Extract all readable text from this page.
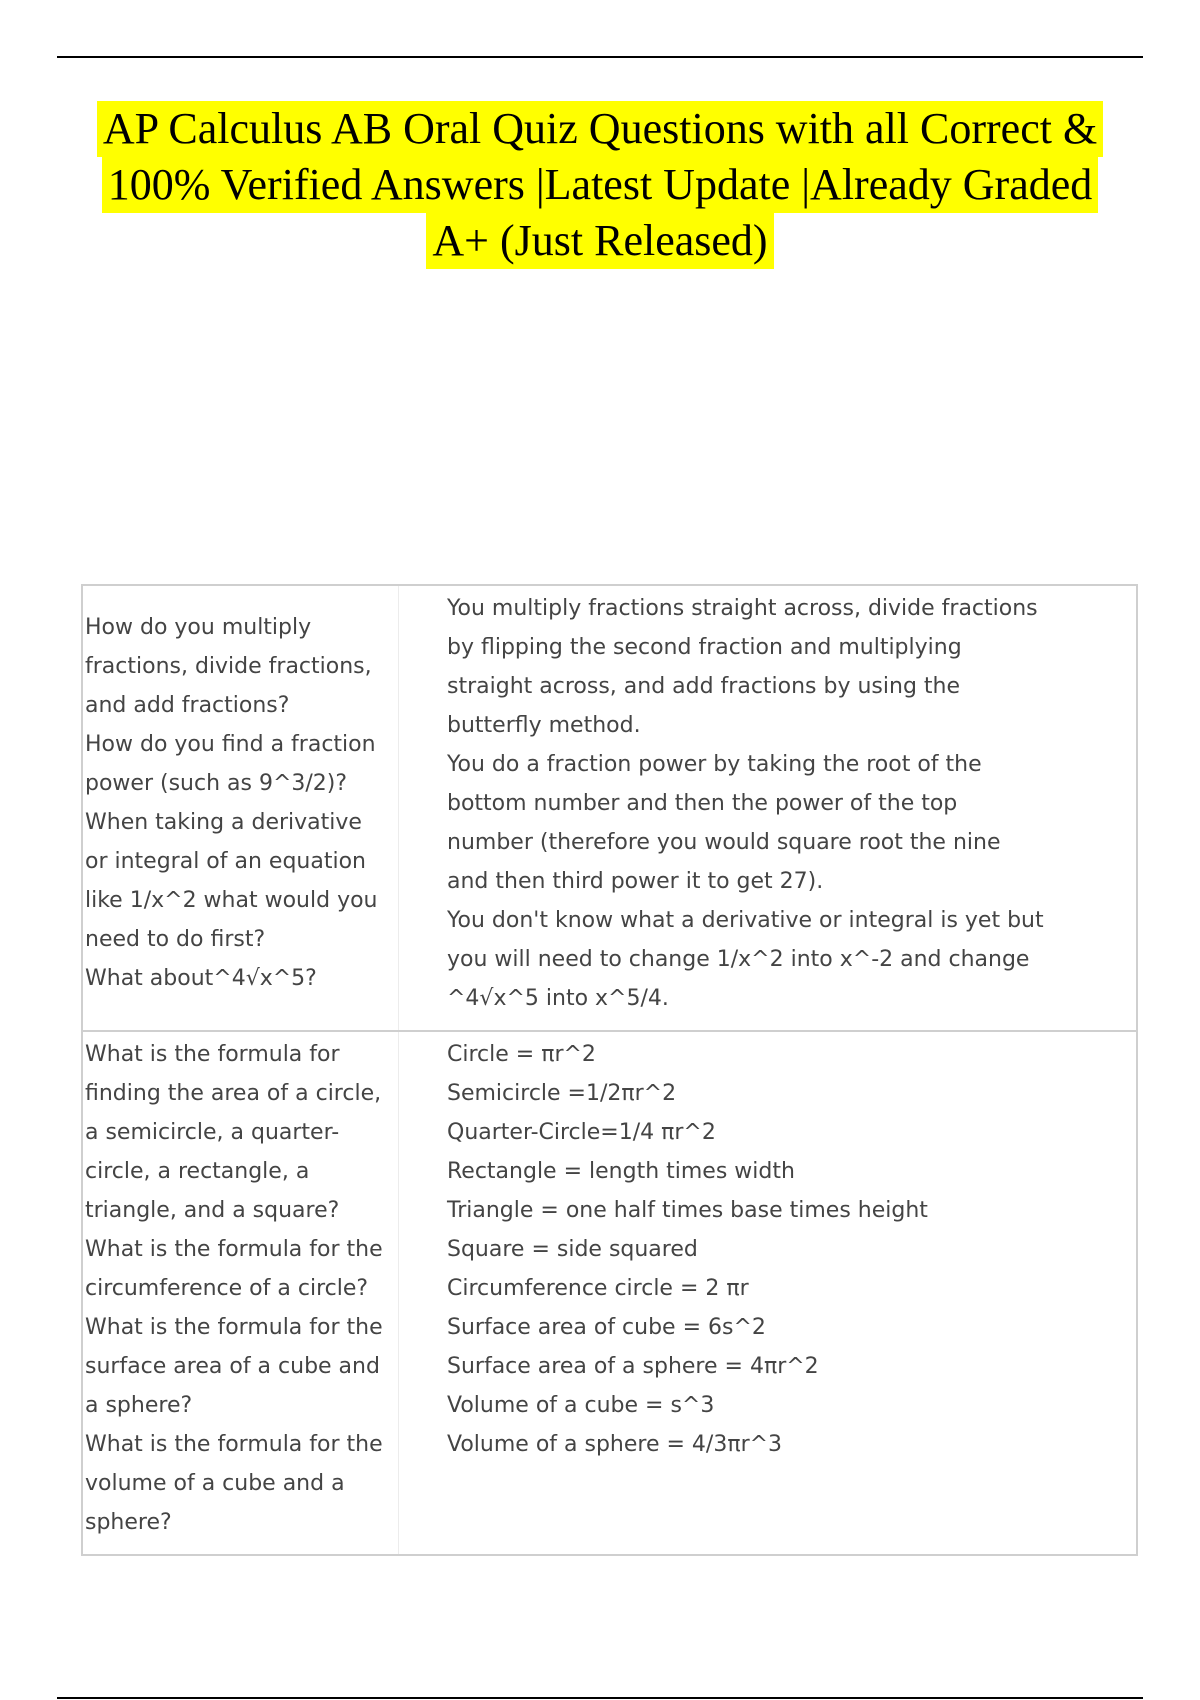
AP Calculus AB Oral Quiz Questions with all Correct &
100% Verified Answers |Latest Update |Already Graded
A+ (Just Released)
How do you multiply
fractions, divide fractions,
and add fractions?
How do you find a fraction
power (such as 9^3/2)?
When taking a derivative
or integral of an equation
like 1/x^2 what would you
need to do first?
What about^4√x^5?
You multiply fractions straight across, divide fractions
by flipping the second fraction and multiplying
straight across, and add fractions by using the
butterfly method.
You do a fraction power by taking the root of the
bottom number and then the power of the top
number (therefore you would square root the nine
and then third power it to get 27).
You don't know what a derivative or integral is yet but
you will need to change 1/x^2 into x^-2 and change
^4√x^5 into x^5/4.
What is the formula for
finding the area of a circle,
a semicircle, a quarter-
circle, a rectangle, a
triangle, and a square?
What is the formula for the
circumference of a circle?
What is the formula for the
surface area of a cube and
a sphere?
What is the formula for the
volume of a cube and a
sphere?
Circle = πr^2
Semicircle =1/2πr^2
Quarter-Circle=1/4 πr^2
Rectangle = length times width
Triangle = one half times base times height
Square = side squared
Circumference circle = 2 πr
Surface area of cube = 6s^2
Surface area of a sphere = 4πr^2
Volume of a cube = s^3
Volume of a sphere = 4/3πr^3
